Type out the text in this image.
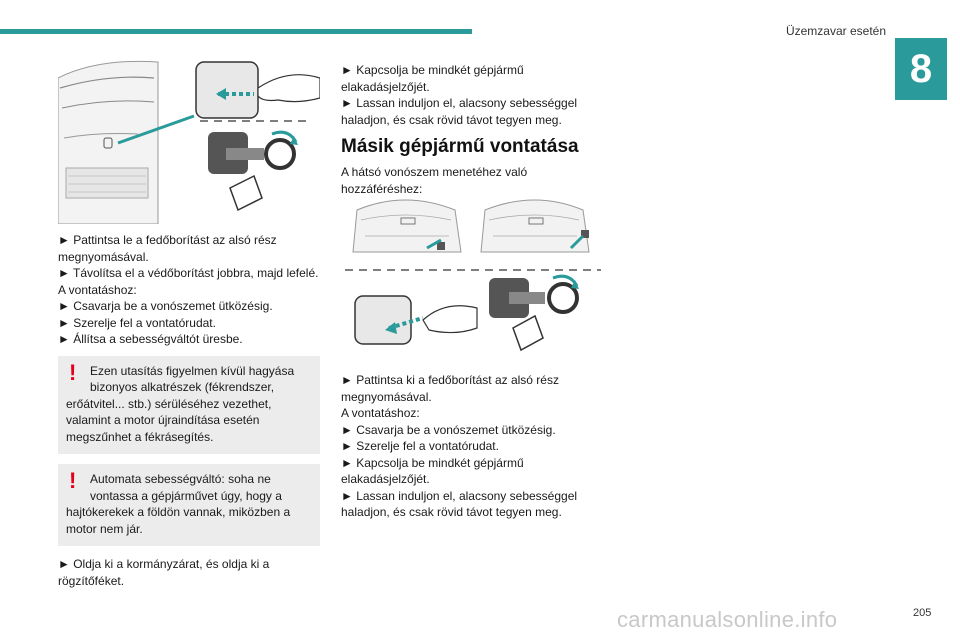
Üzemzavar esetén
8

► Pattintsa le a fedőborítást az alsó rész megnyomásával.

► Távolítsa el a védőborítást jobbra, majd lefelé.

A vontatáshoz:

► Csavarja be a vonószemet ütközésig.

► Szerelje fel a vontatórudat.

► Állítsa a sebességváltót üresbe.

!	Ezen utasítás figyelmen kívül hagyása bizonyos alkatrészek (fékrendszer,

erőátvitel... stb.) sérüléséhez vezethet, valamint a motor újraindítása esetén megszűnhet a fékrásegítés.

!	Automata sebességváltó: soha ne vontassa a gépjárművet úgy, hogy a

hajtókerekek a földön vannak, miközben a motor nem jár.

► Oldja ki a kormányzárat, és oldja ki a rögzítőféket.

► Kapcsolja be mindkét gépjármű elakadásjelzőjét.

► Lassan induljon el, alacsony sebességgel haladjon, és csak rövid távot tegyen meg.

Másik gépjármű vontatása

A hátsó vonószem menetéhez való hozzáféréshez:

► Pattintsa ki a fedőborítást az alsó rész megnyomásával.

A vontatáshoz:

► Csavarja be a vonószemet ütközésig.

► Szerelje fel a vontatórudat.

► Kapcsolja be mindkét gépjármű elakadásjelzőjét.

► Lassan induljon el, alacsony sebességgel haladjon, és csak rövid távot tegyen meg.

carmanualsonline.info	205
